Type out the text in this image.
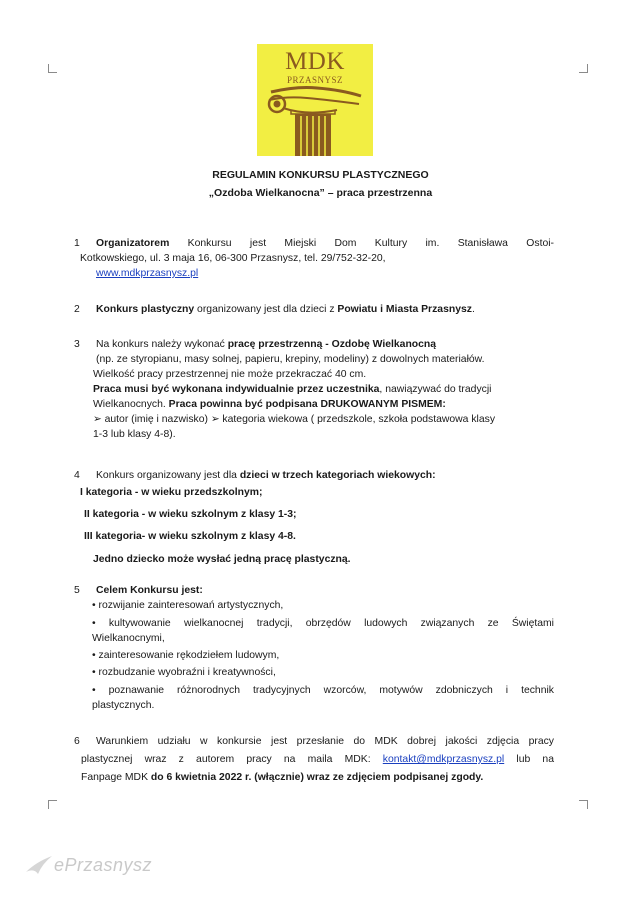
MDK
PRZASNYSZ
REGULAMIN KONKURSU PLASTYCZNEGO
„Ozdoba Wielkanocna” – praca przestrzenna
1 Organizatorem Konkursu jest Miejski Dom Kultury im. Stanisława Ostoi-
Kotkowskiego, ul. 3 maja 16, 06-300 Przasnysz, tel. 29/752-32-20,
www.mdkprzasnysz.pl
2 Konkurs plastyczny organizowany jest dla dzieci z Powiatu i Miasta Przasnysz.
3 Na konkurs należy wykonać pracę przestrzenną - Ozdobę Wielkanocną
(np. ze styropianu, masy solnej, papieru, krepiny, modeliny) z dowolnych materiałów.
Wielkość pracy przestrzennej nie może przekraczać 40 cm.
Praca musi być wykonana indywidualnie przez uczestnika, nawiązywać do tradycji
Wielkanocnych. Praca powinna być podpisana DRUKOWANYM PISMEM:
➢ autor (imię i nazwisko) ➢ kategoria wiekowa ( przedszkole, szkoła podstawowa klasy
1-3 lub klasy 4-8).
4 Konkurs organizowany jest dla dzieci w trzech kategoriach wiekowych:
I kategoria - w wieku przedszkolnym;
II kategoria - w wieku szkolnym z klasy 1-3;
III kategoria- w wieku szkolnym z klasy 4-8.
Jedno dziecko może wysłać jedną pracę plastyczną.
5 Celem Konkursu jest:
• rozwijanie zainteresowań artystycznych,
• kultywowanie wielkanocnej tradycji, obrzędów ludowych związanych ze Świętami
Wielkanocnymi,
• zainteresowanie rękodziełem ludowym,
• rozbudzanie wyobraźni i kreatywności,
• poznawanie różnorodnych tradycyjnych wzorców, motywów zdobniczych i technik
plastycznych.
6 Warunkiem udziału w konkursie jest przesłanie do MDK dobrej jakości zdjęcia pracy
plastycznej wraz z autorem pracy na maila MDK: kontakt@mdkprzasnysz.pl lub na
Fanpage MDK do 6 kwietnia 2022 r. (włącznie) wraz ze zdjęciem podpisanej zgody.
ePrzasnysz
